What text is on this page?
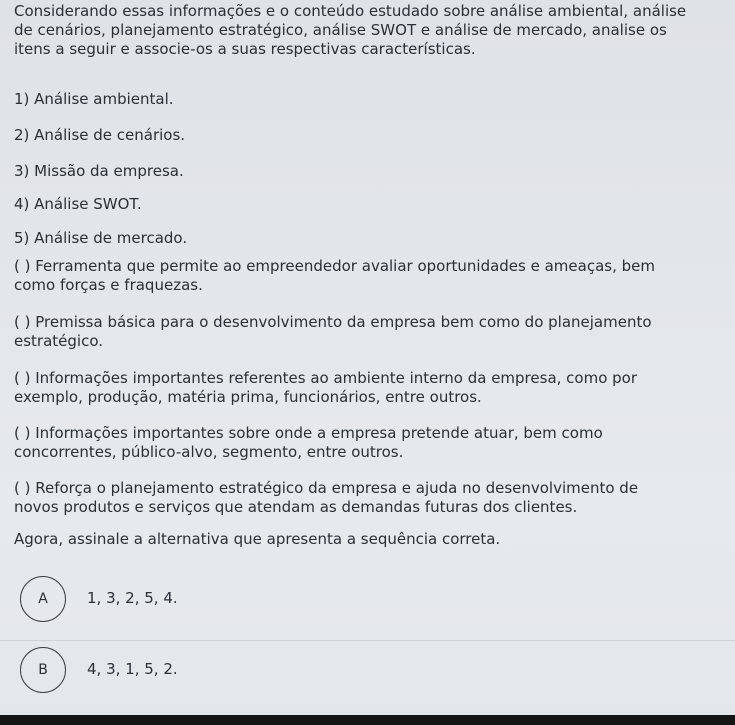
Considerando essas informações e o conteúdo estudado sobre análise ambiental, análise
de cenários, planejamento estratégico, análise SWOT e análise de mercado, analise os
itens a seguir e associe-os a suas respectivas características.
1) Análise ambiental.
2) Análise de cenários.
3) Missão da empresa.
4) Análise SWOT.
5) Análise de mercado.
( ) Ferramenta que permite ao empreendedor avaliar oportunidades e ameaças, bem
como forças e fraquezas.
( ) Premissa básica para o desenvolvimento da empresa bem como do planejamento
estratégico.
( ) Informações importantes referentes ao ambiente interno da empresa, como por
exemplo, produção, matéria prima, funcionários, entre outros.
( ) Informações importantes sobre onde a empresa pretende atuar, bem como
concorrentes, público-alvo, segmento, entre outros.
( ) Reforça o planejamento estratégico da empresa e ajuda no desenvolvimento de
novos produtos e serviços que atendam as demandas futuras dos clientes.
Agora, assinale a alternativa que apresenta a sequência correta.
A	1, 3, 2, 5, 4.
B	4, 3, 1, 5, 2.
